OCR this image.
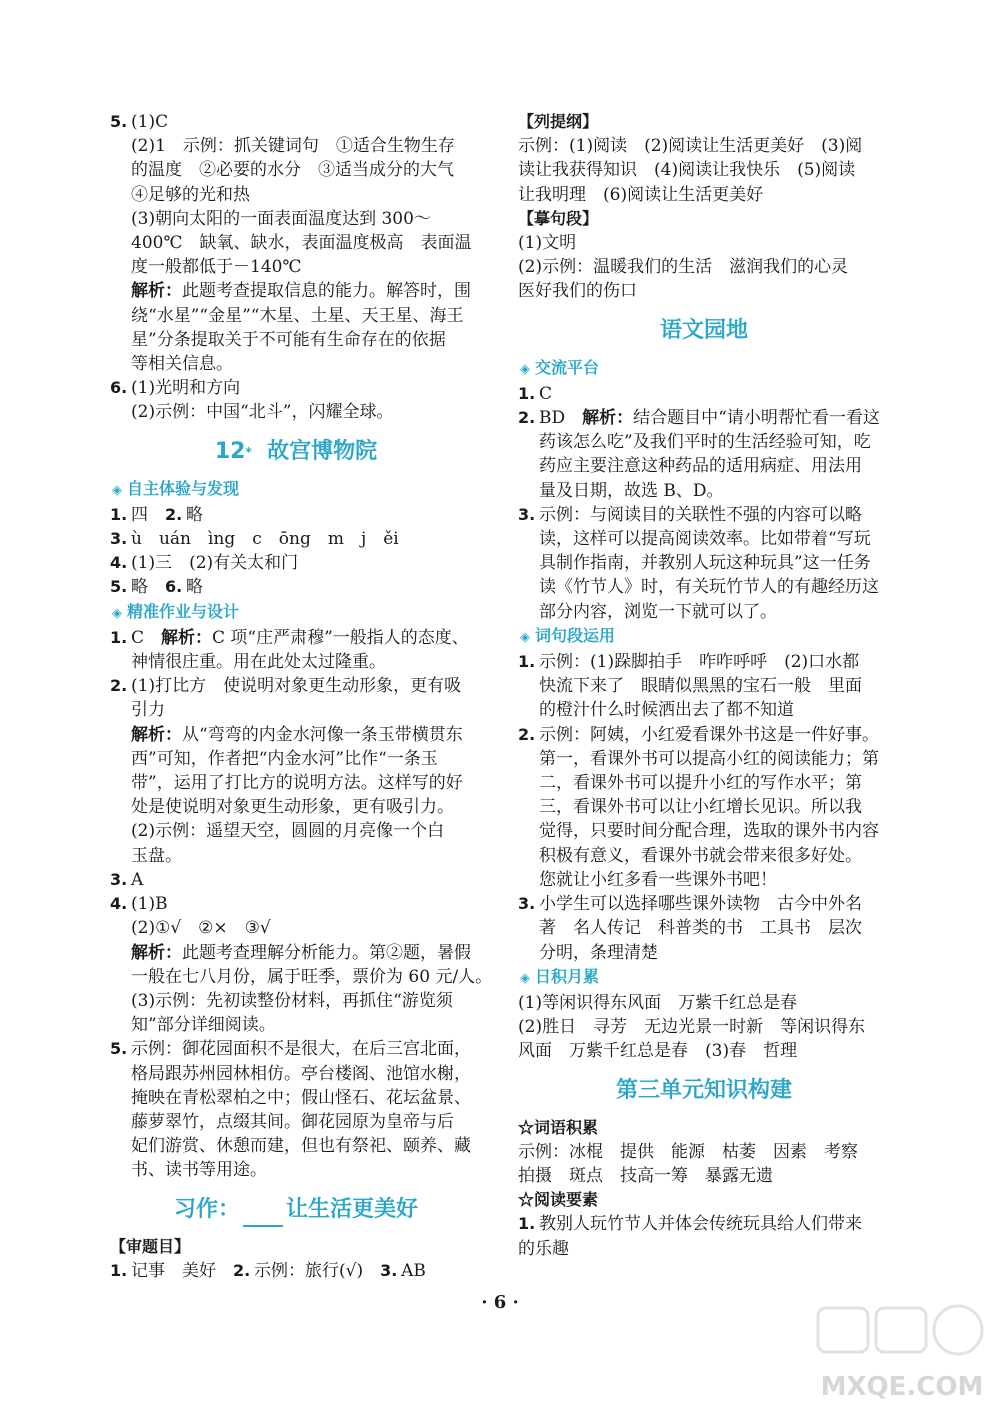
5. (1)C
(2)1　示例：抓关键词句　①适合生物生存
的温度　②必要的水分　③适当成分的大气
④足够的光和热
(3)朝向太阳的一面表面温度达到 300～
400℃　缺氧、缺水，表面温度极高　表面温
度一般都低于－140℃
解析：此题考查提取信息的能力。解答时，围
绕“水星”“金星”“木星、土星、天王星、海王
星”分条提取关于不可能有生命存在的依据
等相关信息。
6. (1)光明和方向
(2)示例：中国“北斗”，闪耀全球。
12* 故宫博物院
◈ 自主体验与发现
1. 四　2. 略
3. ù　uán　ìng　c　ōng　m　j　ěi
4. (1)三　(2)有关太和门
5. 略　6. 略
◈ 精准作业与设计
1. C　解析：C 项“庄严肃穆”一般指人的态度、
神情很庄重。用在此处太过隆重。
2. (1)打比方　使说明对象更生动形象，更有吸
引力
解析：从“弯弯的内金水河像一条玉带横贯东
西”可知，作者把“内金水河”比作“一条玉
带”，运用了打比方的说明方法。这样写的好
处是使说明对象更生动形象，更有吸引力。
(2)示例：遥望天空，圆圆的月亮像一个白
玉盘。
3. A
4. (1)B
(2)①√　②×　③√
解析：此题考查理解分析能力。第②题，暑假
一般在七八月份，属于旺季，票价为 60 元/人。
(3)示例：先初读整份材料，再抓住“游览须
知”部分详细阅读。
5. 示例：御花园面积不是很大，在后三宫北面，
格局跟苏州园林相仿。亭台楼阁、池馆水榭，
掩映在青松翠柏之中；假山怪石、花坛盆景、
藤萝翠竹，点缀其间。御花园原为皇帝与后
妃们游赏、休憩而建，但也有祭祀、颐养、藏
书、读书等用途。
习作： 让生活更美好
【审题目】
1. 记事　美好　2. 示例：旅行(√)　3. AB
【列提纲】
示例：(1)阅读　(2)阅读让生活更美好　(3)阅
读让我获得知识　(4)阅读让我快乐　(5)阅读
让我明理　(6)阅读让生活更美好
【摹句段】
(1)文明
(2)示例：温暖我们的生活　滋润我们的心灵
医好我们的伤口
语文园地
◈ 交流平台
1. C
2. BD　解析：结合题目中“请小明帮忙看一看这
药该怎么吃”及我们平时的生活经验可知，吃
药应主要注意这种药品的适用病症、用法用
量及日期，故选 B、D。
3. 示例：与阅读目的关联性不强的内容可以略
读，这样可以提高阅读效率。比如带着“写玩
具制作指南，并教别人玩这种玩具”这一任务
读《竹节人》时，有关玩竹节人的有趣经历这
部分内容，浏览一下就可以了。
◈ 词句段运用
1. 示例：(1)跺脚拍手　咋咋呼呼　(2)口水都
快流下来了　眼睛似黑黑的宝石一般　里面
的橙汁什么时候洒出去了都不知道
2. 示例：阿姨，小红爱看课外书这是一件好事。
第一，看课外书可以提高小红的阅读能力；第
二，看课外书可以提升小红的写作水平；第
三，看课外书可以让小红增长见识。所以我
觉得，只要时间分配合理，选取的课外书内容
积极有意义，看课外书就会带来很多好处。
您就让小红多看一些课外书吧！
3. 小学生可以选择哪些课外读物　古今中外名
著　名人传记　科普类的书　工具书　层次
分明，条理清楚
◈ 日积月累
(1)等闲识得东风面　万紫千红总是春
(2)胜日　寻芳　无边光景一时新　等闲识得东
风面　万紫千红总是春　(3)春　哲理
第三单元知识构建
☆词语积累
示例：冰棍　提供　能源　枯萎　因素　考察
拍摄　斑点　技高一筹　暴露无遗
☆阅读要素
1. 教别人玩竹节人并体会传统玩具给人们带来
的乐趣
· 6 ·
MXQE.COM
